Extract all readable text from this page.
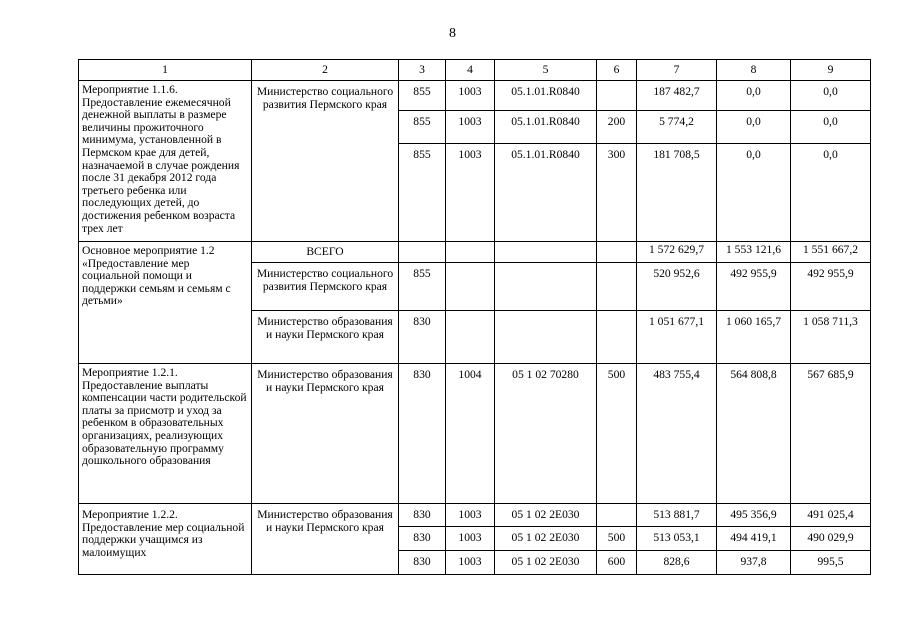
8
1	2	3	4	5	6	7	8	9
Мероприятие 1.1.6.
Предоставление ежемесячной денежной выплаты в размере величины прожиточного минимума, установленной в Пермском крае для детей, назначаемой в случае рождения после 31 декабря 2012 года третьего ребенка или последующих детей, до достижения ребенком возраста трех лет	Министерство социального развития Пермского края	855	1003	05.1.01.R0840		187 482,7	0,0	0,0
		855	1003	05.1.01.R0840	200	5 774,2	0,0	0,0
		855	1003	05.1.01.R0840	300	181 708,5	0,0	0,0
Основное мероприятие 1.2 «Предоставление мер социальной помощи и поддержки семьям и семьям с детьми»	ВСЕГО					1 572 629,7	1 553 121,6	1 551 667,2
	Министерство социального развития Пермского края	855				520 952,6	492 955,9	492 955,9
	Министерство образования и науки Пермского края	830				1 051 677,1	1 060 165,7	1 058 711,3
Мероприятие 1.2.1.
Предоставление выплаты компенсации части родительской платы за присмотр и уход за ребенком в образовательных организациях, реализующих образовательную программу дошкольного образования	Министерство образования и науки Пермского края	830	1004	05 1 02 70280	500	483 755,4	564 808,8	567 685,9
Мероприятие 1.2.2.
Предоставление мер социальной поддержки учащимся из малоимущих	Министерство образования и науки Пермского края	830	1003	05 1 02 2E030		513 881,7	495 356,9	491 025,4
		830	1003	05 1 02 2E030	500	513 053,1	494 419,1	490 029,9
		830	1003	05 1 02 2E030	600	828,6	937,8	995,5
